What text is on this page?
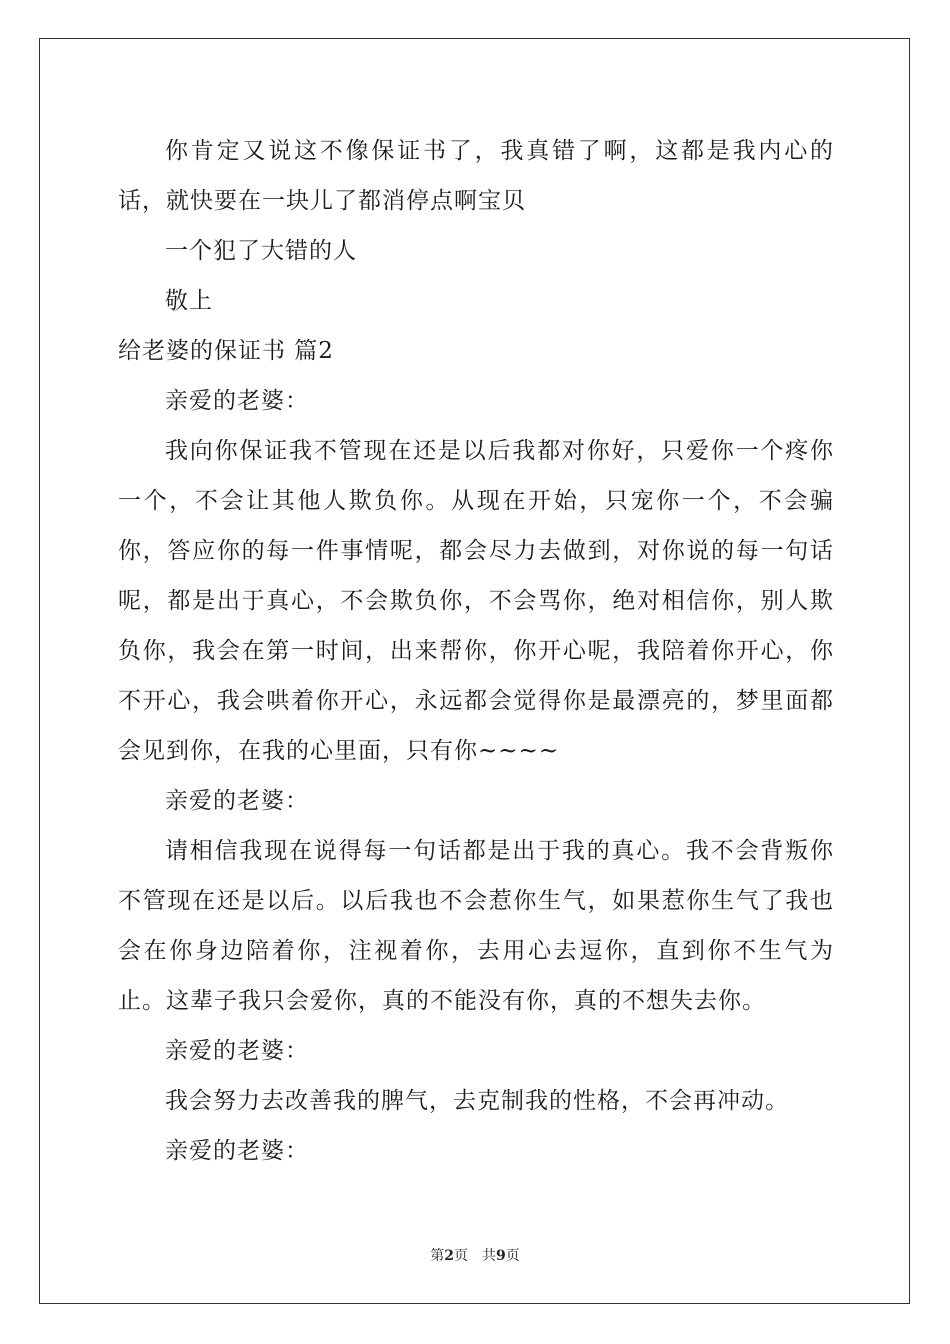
你肯定又说这不像保证书了，我真错了啊，这都是我内心的话，就快要在一块儿了都消停点啊宝贝

一个犯了大错的人

敬上

给老婆的保证书 篇2

亲爱的老婆：

我向你保证我不管现在还是以后我都对你好，只爱你一个疼你一个，不会让其他人欺负你。从现在开始，只宠你一个，不会骗你，答应你的每一件事情呢，都会尽力去做到，对你说的每一句话呢，都是出于真心，不会欺负你，不会骂你，绝对相信你，别人欺负你，我会在第一时间，出来帮你，你开心呢，我陪着你开心，你不开心，我会哄着你开心，永远都会觉得你是最漂亮的，梦里面都会见到你，在我的心里面，只有你~~~~

亲爱的老婆：

请相信我现在说得每一句话都是出于我的真心。我不会背叛你不管现在还是以后。以后我也不会惹你生气，如果惹你生气了我也会在你身边陪着你，注视着你，去用心去逗你，直到你不生气为止。这辈子我只会爱你，真的不能没有你，真的不想失去你。

亲爱的老婆：

我会努力去改善我的脾气，去克制我的性格，不会再冲动。

亲爱的老婆：

第2页 共9页
